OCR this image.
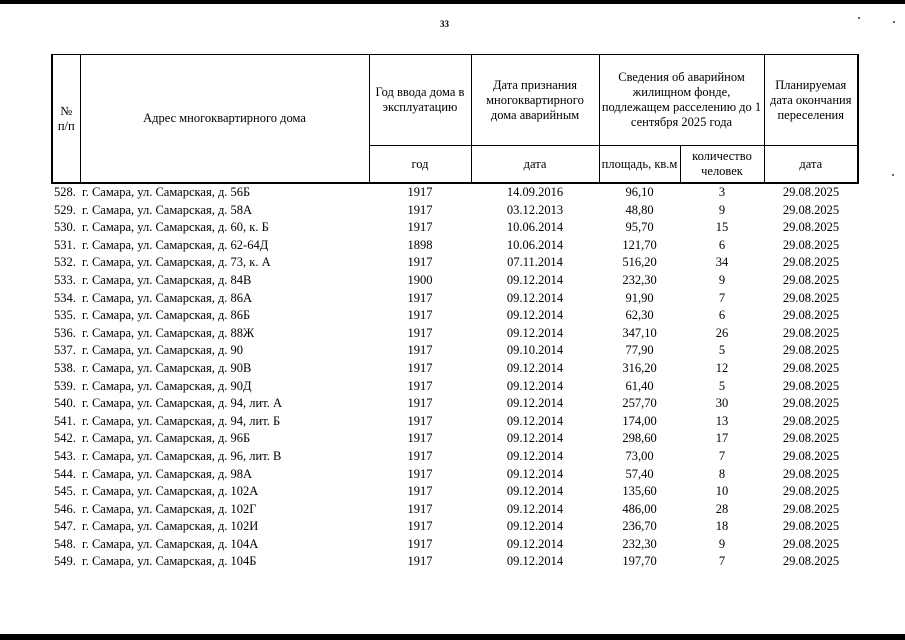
33
№ п/п	Адрес многоквартирного дома	Год ввода дома в эксплуатацию	Дата признания многоквартирного дома аварийным	Сведения об аварийном жилищном фонде, подлежащем расселению до 1 сентября 2025 года		Планируемая дата окончания переселения
		год	дата	площадь, кв.м	количество человек	дата
528.	г. Самара, ул. Самарская, д. 56Б	1917	14.09.2016	96,10	3	29.08.2025
529.	г. Самара, ул. Самарская, д. 58А	1917	03.12.2013	48,80	9	29.08.2025
530.	г. Самара, ул. Самарская, д. 60, к. Б	1917	10.06.2014	95,70	15	29.08.2025
531.	г. Самара, ул. Самарская, д. 62-64Д	1898	10.06.2014	121,70	6	29.08.2025
532.	г. Самара, ул. Самарская, д. 73, к. А	1917	07.11.2014	516,20	34	29.08.2025
533.	г. Самара, ул. Самарская, д. 84В	1900	09.12.2014	232,30	9	29.08.2025
534.	г. Самара, ул. Самарская, д. 86А	1917	09.12.2014	91,90	7	29.08.2025
535.	г. Самара, ул. Самарская, д. 86Б	1917	09.12.2014	62,30	6	29.08.2025
536.	г. Самара, ул. Самарская, д. 88Ж	1917	09.12.2014	347,10	26	29.08.2025
537.	г. Самара, ул. Самарская, д. 90	1917	09.10.2014	77,90	5	29.08.2025
538.	г. Самара, ул. Самарская, д. 90В	1917	09.12.2014	316,20	12	29.08.2025
539.	г. Самара, ул. Самарская, д. 90Д	1917	09.12.2014	61,40	5	29.08.2025
540.	г. Самара, ул. Самарская, д. 94, лит. А	1917	09.12.2014	257,70	30	29.08.2025
541.	г. Самара, ул. Самарская, д. 94, лит. Б	1917	09.12.2014	174,00	13	29.08.2025
542.	г. Самара, ул. Самарская, д. 96Б	1917	09.12.2014	298,60	17	29.08.2025
543.	г. Самара, ул. Самарская, д. 96, лит. В	1917	09.12.2014	73,00	7	29.08.2025
544.	г. Самара, ул. Самарская, д. 98А	1917	09.12.2014	57,40	8	29.08.2025
545.	г. Самара, ул. Самарская, д. 102А	1917	09.12.2014	135,60	10	29.08.2025
546.	г. Самара, ул. Самарская, д. 102Г	1917	09.12.2014	486,00	28	29.08.2025
547.	г. Самара, ул. Самарская, д. 102И	1917	09.12.2014	236,70	18	29.08.2025
548.	г. Самара, ул. Самарская, д. 104А	1917	09.12.2014	232,30	9	29.08.2025
549.	г. Самара, ул. Самарская, д. 104Б	1917	09.12.2014	197,70	7	29.08.2025
